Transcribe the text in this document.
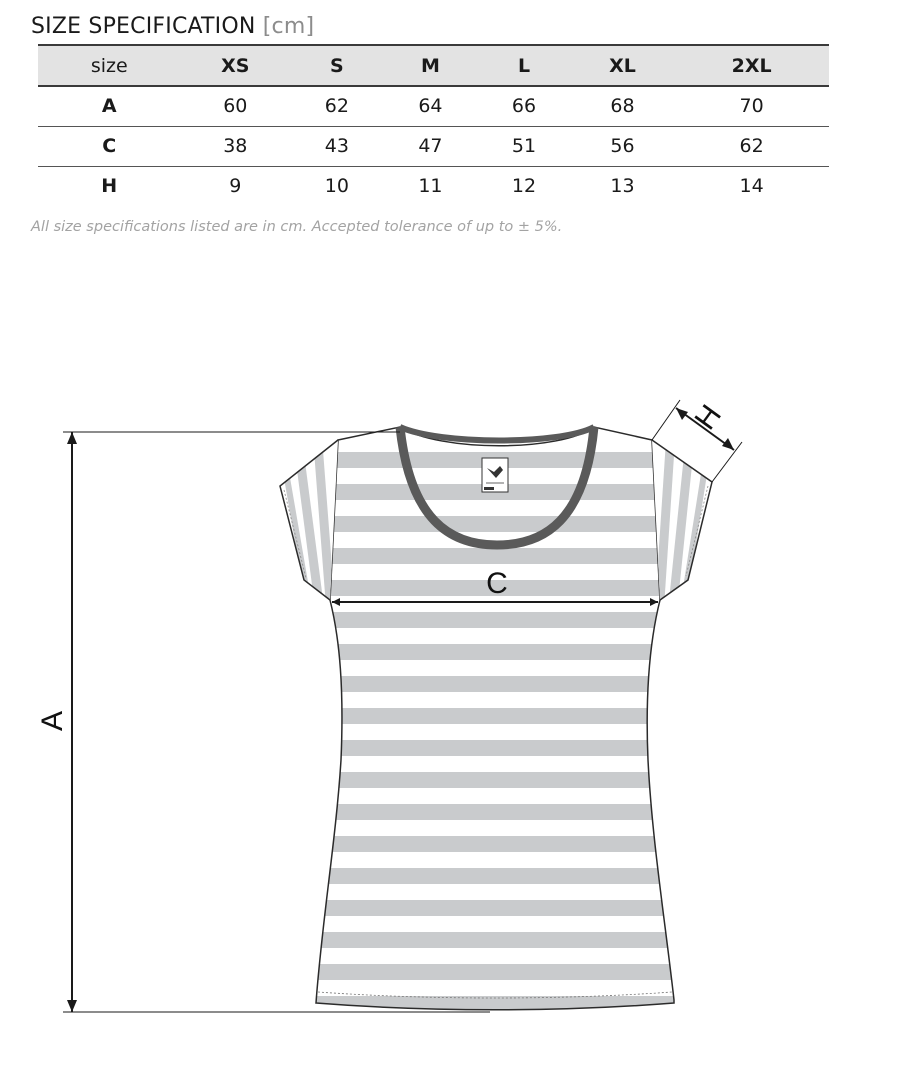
SIZE SPECIFICATION [cm]
size	XS	S	M	L	XL	2XL
A	60	62	64	66	68	70
C	38	43	47	51	56	62
H	9	10	11	12	13	14
All size specifications listed are in cm. Accepted tolerance of up to ± 5%.
C
A
H
